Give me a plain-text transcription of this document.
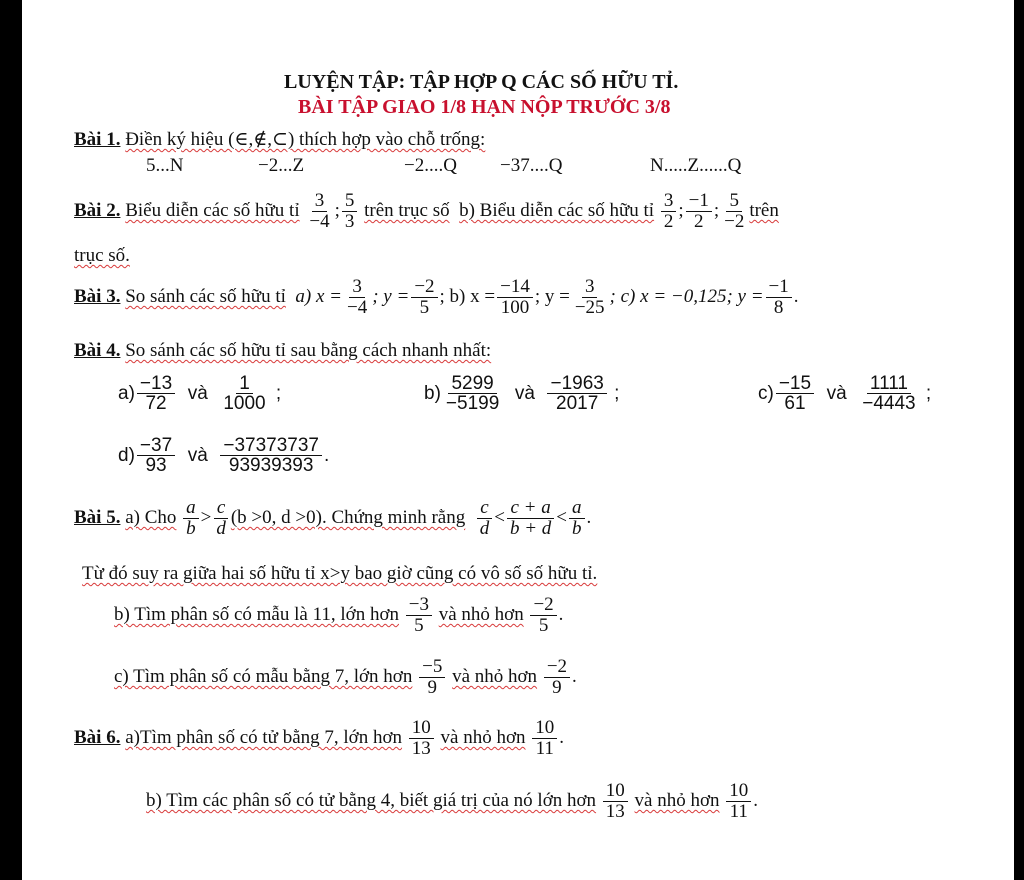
LUYỆN TẬP: TẬP HỢP Q CÁC SỐ HỮU TỈ.
BÀI TẬP GIAO 1/8 HẠN NỘP TRƯỚC 3/8
Bài 1. Điền ký hiệu (∈,∉,⊂) thích hợp vào chỗ trống:
5...N	−2...Z	−2....Q −37....Q	N.....Z......Q
Bài 2. Biểu diễn các số hữu tỉ $\frac{3}{-4}$ ; $\frac{5}{3}$ trên trục số b) Biểu diễn các số hữu tỉ $\frac{3}{2}$ ; $\frac{-1}{2}$ ; $\frac{5}{-2}$ trên
trục số.
Bài 3. So sánh các số hữu tỉ a) $x = \frac{3}{-4}$ ; $y = \frac{-2}{5}$ ; b) $x = \frac{-14}{100}$ ; $y = \frac{3}{-25}$ ; c) x = −0,125; $y = \frac{-1}{8}$ .
Bài 4. So sánh các số hữu tỉ sau bằng cách nhanh nhất:
$a) \frac{-13}{72}$ và $\frac{1}{1000}$ ;	$b) \frac{5299}{-5199}$ và $\frac{-1963}{2017}$ ;	$c) \frac{-15}{61}$ và $\frac{1111}{-4443}$ ;
$d) \frac{-37}{93}$ và $\frac{-37373737}{93939393}$ .
Bài 5. a) Cho $\frac{a}{b} > \frac{c}{d} (b >0$, d >0). Chứng minh rằng $\frac{c}{d} < \frac{c + a}{b + d} < \frac{a}{b}$ .
Từ đó suy ra giữa hai số hữu tỉ x>y bao giờ cũng có vô số số hữu tỉ.
b) Tìm phân số có mẫu là 11, lớn hơn $\frac{-3}{5}$ và nhỏ hơn $\frac{-2}{5}$ .
c) Tìm phân số có mẫu bằng 7, lớn hơn $\frac{-5}{9}$ và nhỏ hơn $\frac{-2}{9}$ .
Bài 6. a)Tìm phân số có tử bằng 7, lớn hơn $\frac{10}{13}$ và nhỏ hơn $\frac{10}{11}$ .
b) Tìm các phân số có tử bằng 4, biết giá trị của nó lớn hơn $\frac{10}{13}$ và nhỏ hơn $\frac{10}{11}$ .
